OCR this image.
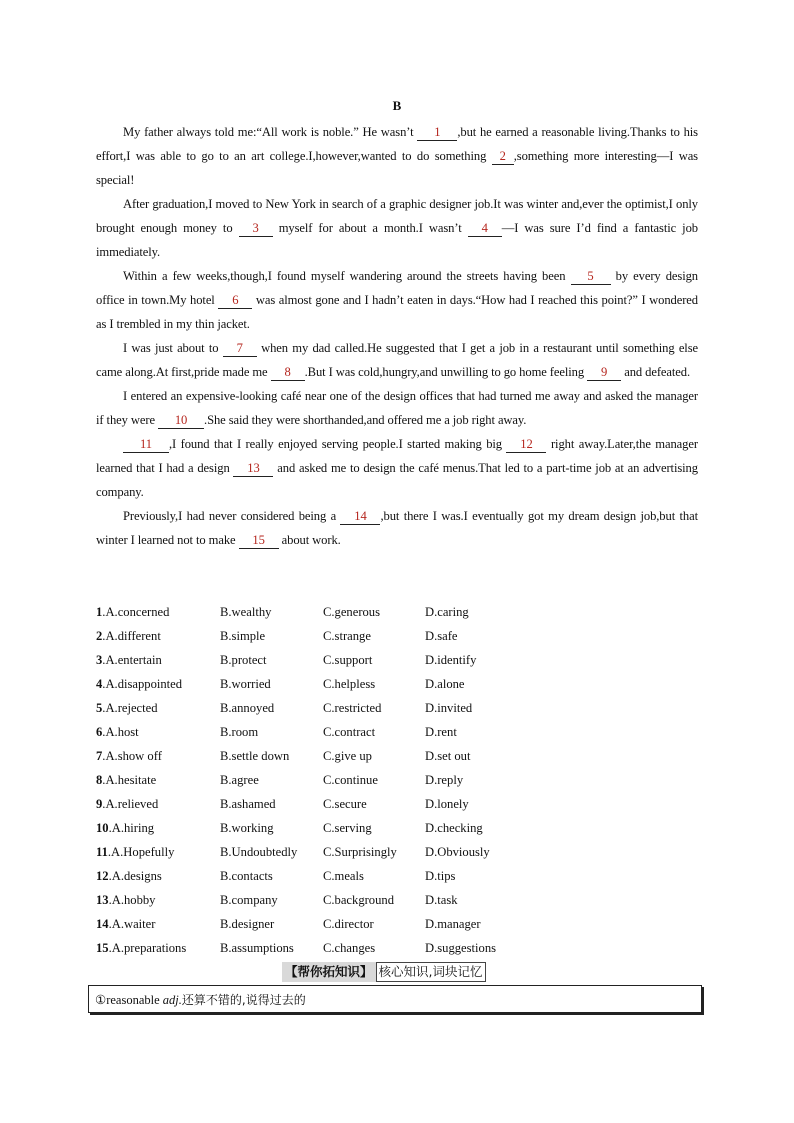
B

My father always told me:“All work is noble.” He wasn’t 1 ,but he earned a reasonable living.Thanks to his effort,I was able to go to an art college.I,however,wanted to do something 2 ,something more interesting—I was special!

After graduation,I moved to New York in search of a graphic designer job.It was winter and,ever the optimist,I only brought enough money to 3 myself for about a month.I wasn’t 4 —I was sure I’d find a fantastic job immediately.

Within a few weeks,though,I found myself wandering around the streets having been 5 by every design office in town.My hotel 6 was almost gone and I hadn’t eaten in days.“How had I reached this point?” I wondered as I trembled in my thin jacket.

I was just about to 7 when my dad called.He suggested that I get a job in a restaurant until something else came along.At first,pride made me 8 .But I was cold,hungry,and unwilling to go home feeling 9 and defeated.

I entered an expensive-looking café near one of the design offices that had turned me away and asked the manager if they were 10 .She said they were shorthanded,and offered me a job right away.

11 ,I found that I really enjoyed serving people.I started making big 12 right away.Later,the manager learned that I had a design 13 and asked me to design the café menus.That led to a part-time job at an advertising company.

Previously,I had never considered being a 14 ,but there I was.I eventually got my dream design job,but that winter I learned not to make 15 about work.

1.A.concerned	B.wealthy	C.generous	D.caring
2.A.different	B.simple	C.strange	D.safe
3.A.entertain	B.protect	C.support	D.identify
4.A.disappointed	B.worried	C.helpless	D.alone
5.A.rejected	B.annoyed	C.restricted	D.invited
6.A.host	B.room	C.contract	D.rent
7.A.show off	B.settle down	C.give up	D.set out
8.A.hesitate	B.agree	C.continue	D.reply
9.A.relieved	B.ashamed	C.secure	D.lonely
10.A.hiring	B.working	C.serving	D.checking
11.A.Hopefully	B.Undoubtedly	C.Surprisingly	D.Obviously
12.A.designs	B.contacts	C.meals	D.tips
13.A.hobby	B.company	C.background	D.task
14.A.waiter	B.designer	C.director	D.manager
15.A.preparations	B.assumptions	C.changes	D.suggestions
【帮你拓知识】 核心知识,词块记忆
①reasonable adj.还算不错的,说得过去的
